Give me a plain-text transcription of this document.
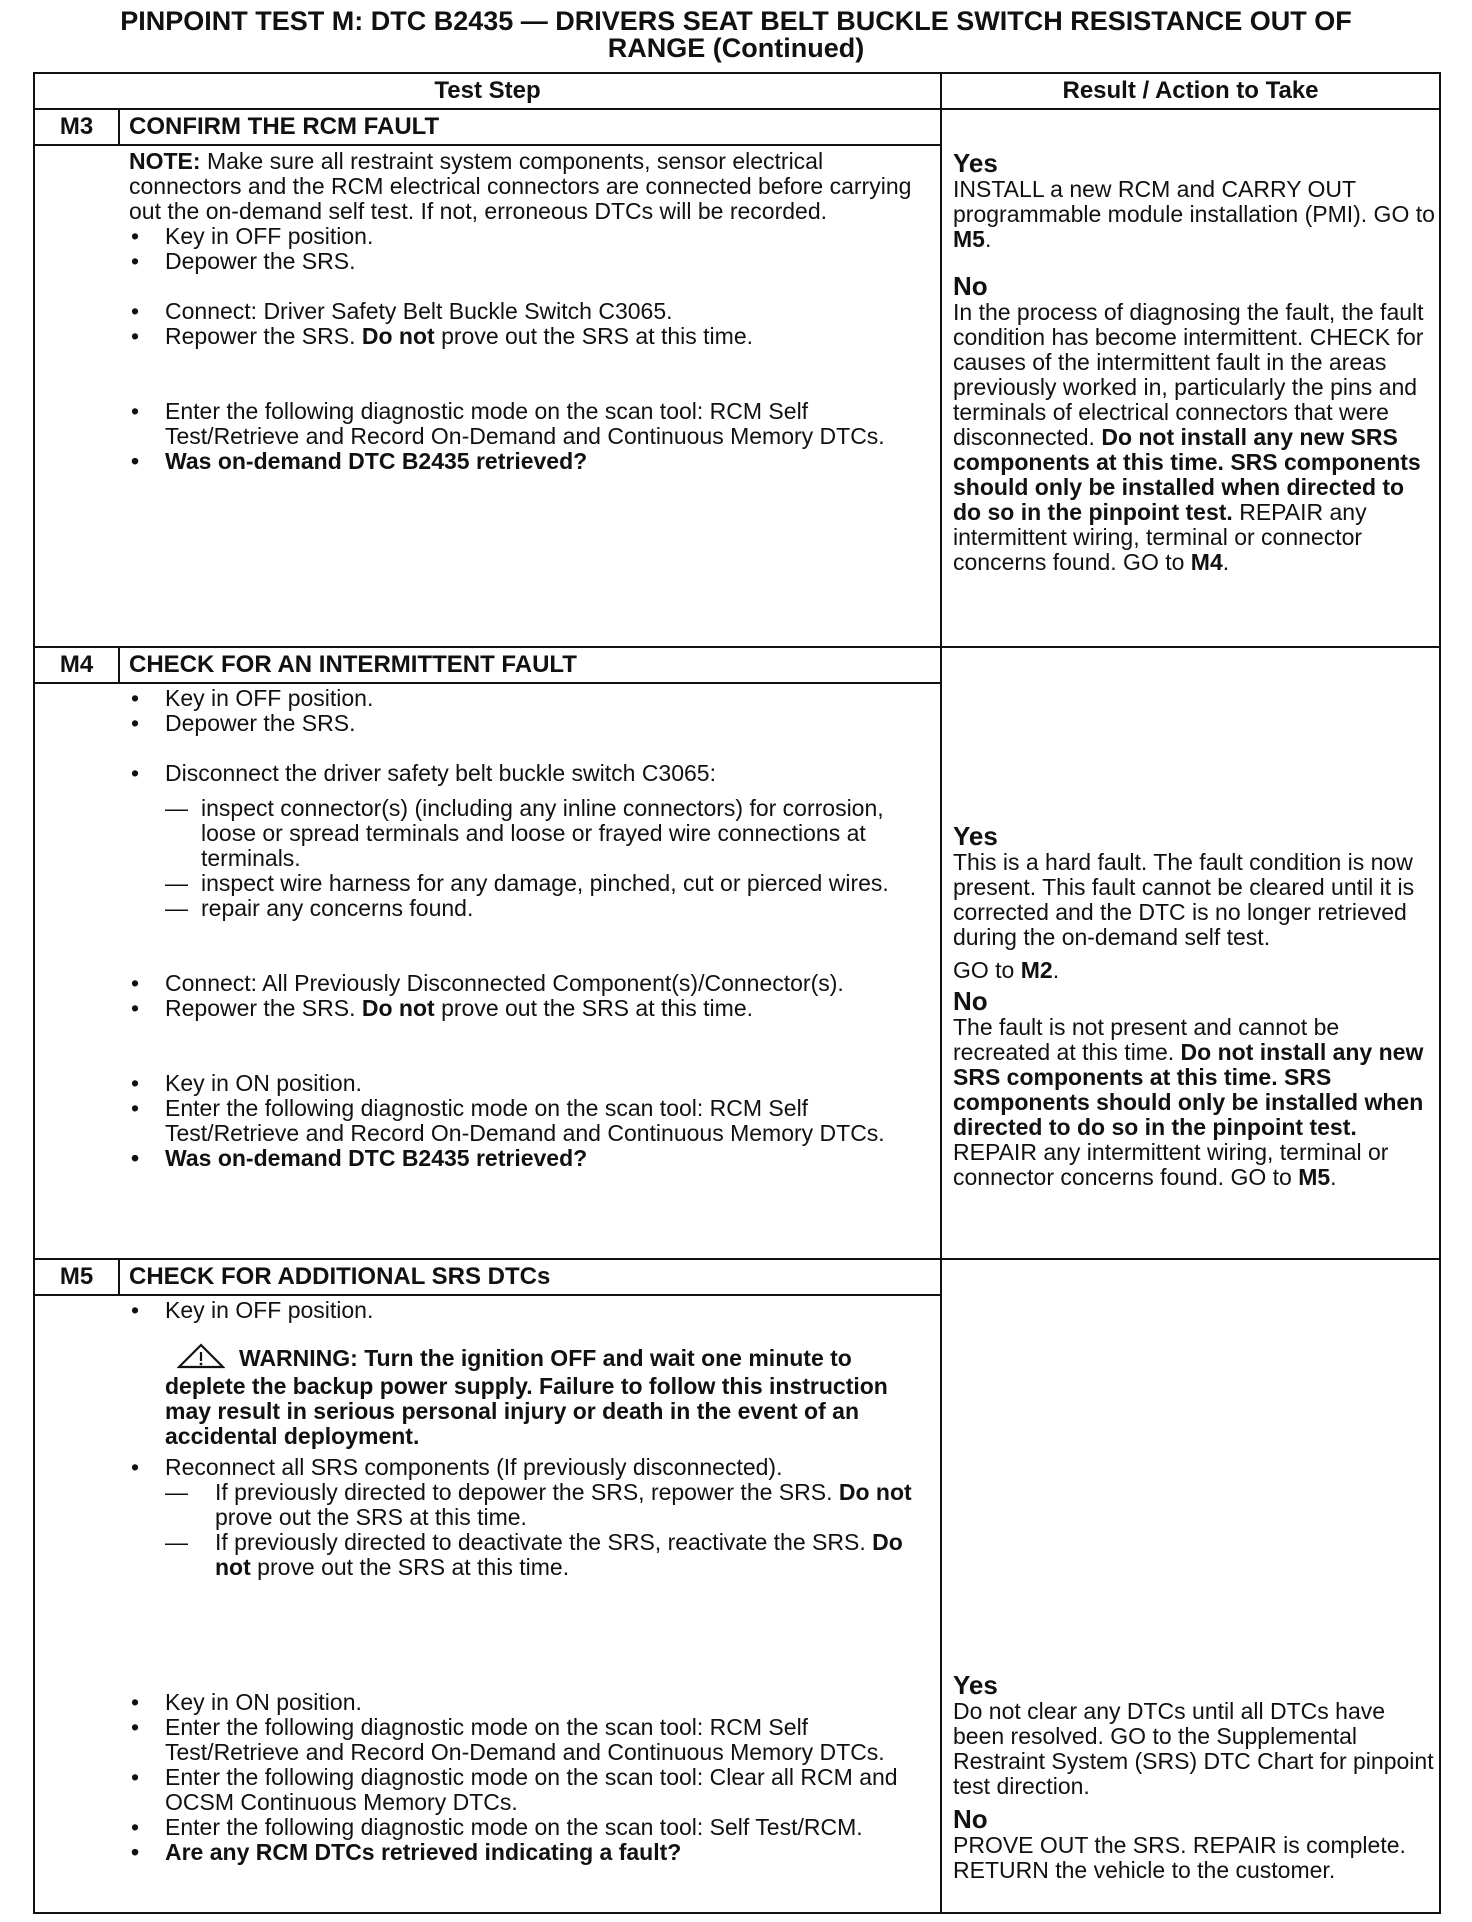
PINPOINT TEST M: DTC B2435 — DRIVERS SEAT BELT BUCKLE SWITCH RESISTANCE OUT OF
RANGE (Continued)
Test Step	Result / Action to Take
M3	CONFIRM THE RCM FAULT
NOTE: Make sure all restraint system components, sensor electrical connectors and the RCM electrical connectors are connected before carrying out the on-demand self test. If not, erroneous DTCs will be recorded.
• Key in OFF position.
• Depower the SRS.
• Connect: Driver Safety Belt Buckle Switch C3065.
• Repower the SRS. Do not prove out the SRS at this time.
• Enter the following diagnostic mode on the scan tool: RCM Self Test/Retrieve and Record On-Demand and Continuous Memory DTCs.
• Was on-demand DTC B2435 retrieved?
Yes
INSTALL a new RCM and CARRY OUT programmable module installation (PMI). GO to M5.
No
In the process of diagnosing the fault, the fault condition has become intermittent. CHECK for causes of the intermittent fault in the areas previously worked in, particularly the pins and terminals of electrical connectors that were disconnected. Do not install any new SRS components at this time. SRS components should only be installed when directed to do so in the pinpoint test. REPAIR any intermittent wiring, terminal or connector concerns found. GO to M4.
M4	CHECK FOR AN INTERMITTENT FAULT
• Key in OFF position.
• Depower the SRS.
• Disconnect the driver safety belt buckle switch C3065:
— inspect connector(s) (including any inline connectors) for corrosion, loose or spread terminals and loose or frayed wire connections at terminals.
— inspect wire harness for any damage, pinched, cut or pierced wires.
— repair any concerns found.
• Connect: All Previously Disconnected Component(s)/Connector(s).
• Repower the SRS. Do not prove out the SRS at this time.
• Key in ON position.
• Enter the following diagnostic mode on the scan tool: RCM Self Test/Retrieve and Record On-Demand and Continuous Memory DTCs.
• Was on-demand DTC B2435 retrieved?
Yes
This is a hard fault. The fault condition is now present. This fault cannot be cleared until it is corrected and the DTC is no longer retrieved during the on-demand self test.
GO to M2.
No
The fault is not present and cannot be recreated at this time. Do not install any new SRS components at this time. SRS components should only be installed when directed to do so in the pinpoint test. REPAIR any intermittent wiring, terminal or connector concerns found. GO to M5.
M5	CHECK FOR ADDITIONAL SRS DTCs
• Key in OFF position.
WARNING: Turn the ignition OFF and wait one minute to deplete the backup power supply. Failure to follow this instruction may result in serious personal injury or death in the event of an accidental deployment.
• Reconnect all SRS components (If previously disconnected).
— If previously directed to depower the SRS, repower the SRS. Do not prove out the SRS at this time.
— If previously directed to deactivate the SRS, reactivate the SRS. Do not prove out the SRS at this time.
• Key in ON position.
• Enter the following diagnostic mode on the scan tool: RCM Self Test/Retrieve and Record On-Demand and Continuous Memory DTCs.
• Enter the following diagnostic mode on the scan tool: Clear all RCM and OCSM Continuous Memory DTCs.
• Enter the following diagnostic mode on the scan tool: Self Test/RCM.
• Are any RCM DTCs retrieved indicating a fault?
Yes
Do not clear any DTCs until all DTCs have been resolved. GO to the Supplemental Restraint System (SRS) DTC Chart for pinpoint test direction.
No
PROVE OUT the SRS. REPAIR is complete. RETURN the vehicle to the customer.
